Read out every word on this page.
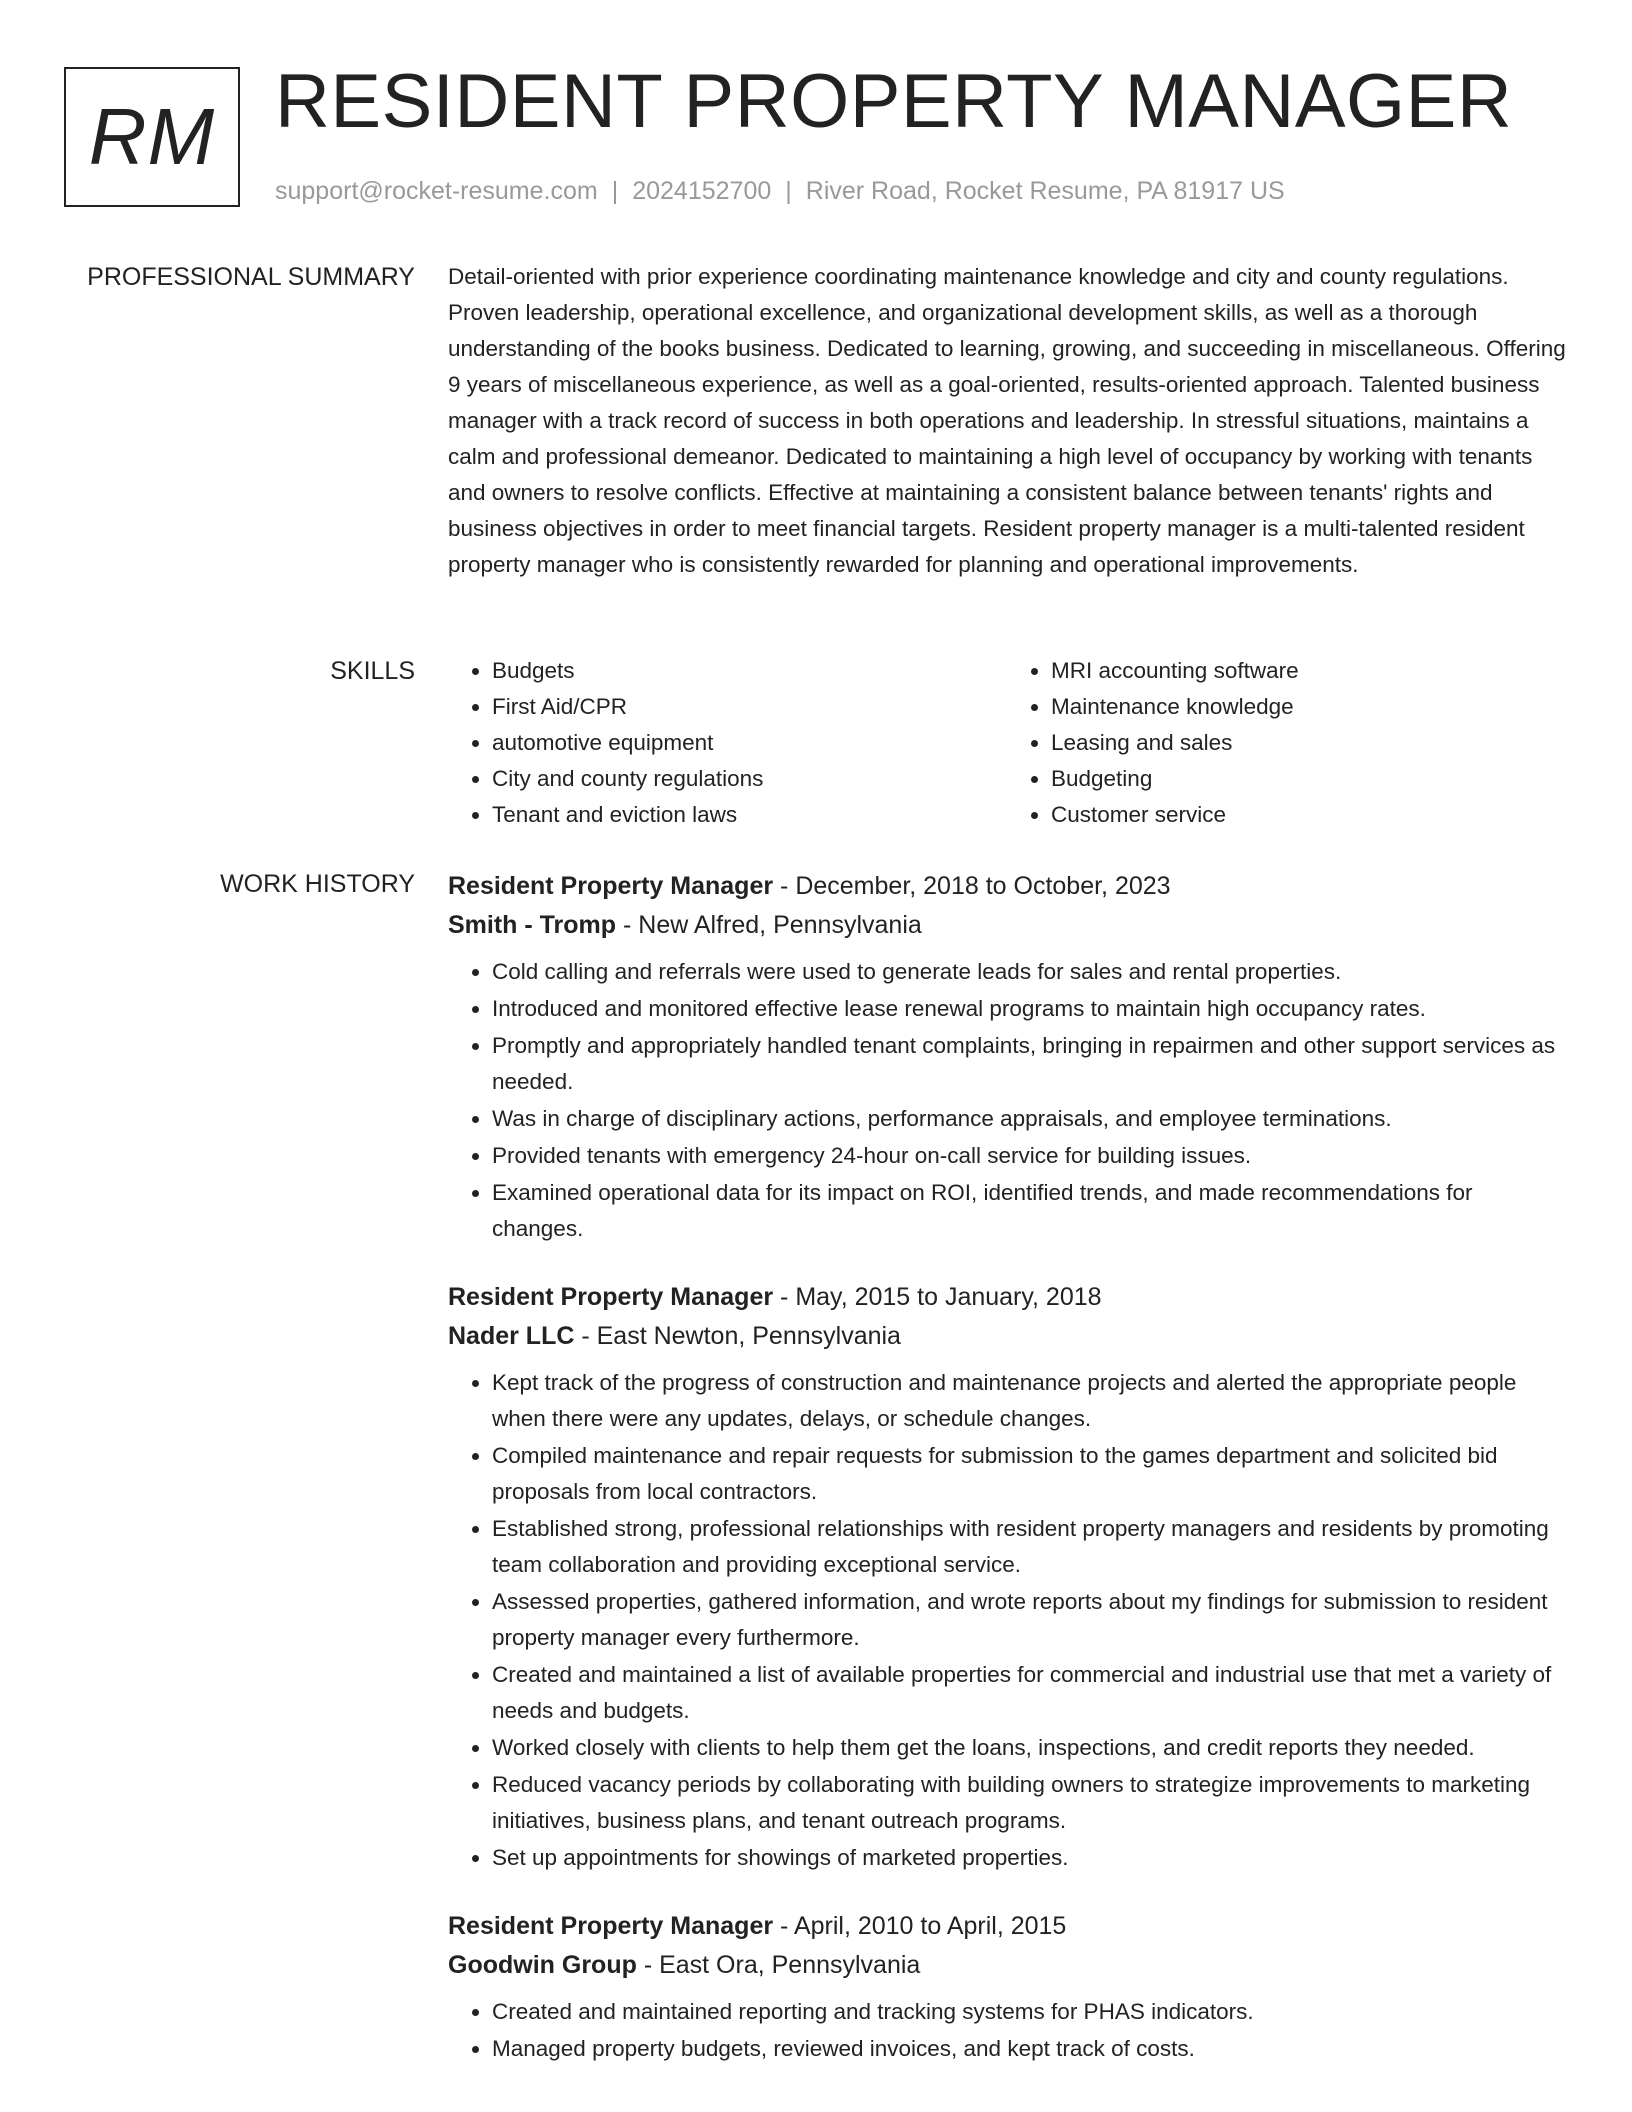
RM RESIDENT PROPERTY MANAGER
support@rocket-resume.com | 2024152700 | River Road, Rocket Resume, PA 81917 US
PROFESSIONAL SUMMARY Detail-oriented with prior experience coordinating maintenance knowledge and city and county regulations. Proven leadership, operational excellence, and organizational development skills, as well as a thorough understanding of the books business. Dedicated to learning, growing, and succeeding in miscellaneous. Offering 9 years of miscellaneous experience, as well as a goal-oriented, results-oriented approach. Talented business manager with a track record of success in both operations and leadership. In stressful situations, maintains a calm and professional demeanor. Dedicated to maintaining a high level of occupancy by working with tenants and owners to resolve conflicts. Effective at maintaining a consistent balance between tenants' rights and business objectives in order to meet financial targets. Resident property manager is a multi-talented resident property manager who is consistently rewarded for planning and operational improvements.
SKILLS
•	Budgets
• First Aid/CPR
• automotive equipment
• City and county regulations
• Tenant and eviction laws
• MRI accounting software
• Maintenance knowledge
• Leasing and sales
• Budgeting
• Customer service
WORK HISTORY Resident Property Manager - December, 2018 to October, 2023
Smith - Tromp - New Alfred, Pennsylvania
• Cold calling and referrals were used to generate leads for sales and rental properties.
• Introduced and monitored effective lease renewal programs to maintain high occupancy rates.
• Promptly and appropriately handled tenant complaints, bringing in repairmen and other support services as needed.
• Was in charge of disciplinary actions, performance appraisals, and employee terminations.
• Provided tenants with emergency 24-hour on-call service for building issues.
• Examined operational data for its impact on ROI, identified trends, and made recommendations for changes.
Resident Property Manager - May, 2015 to January, 2018
Nader LLC - East Newton, Pennsylvania
• Kept track of the progress of construction and maintenance projects and alerted the appropriate people when there were any updates, delays, or schedule changes.
• Compiled maintenance and repair requests for submission to the games department and solicited bid proposals from local contractors.
• Established strong, professional relationships with resident property managers and residents by promoting team collaboration and providing exceptional service.
• Assessed properties, gathered information, and wrote reports about my findings for submission to resident property manager every furthermore.
• Created and maintained a list of available properties for commercial and industrial use that met a variety of needs and budgets.
• Worked closely with clients to help them get the loans, inspections, and credit reports they needed.
• Reduced vacancy periods by collaborating with building owners to strategize improvements to marketing initiatives, business plans, and tenant outreach programs.
• Set up appointments for showings of marketed properties.
Resident Property Manager - April, 2010 to April, 2015
Goodwin Group - East Ora, Pennsylvania
• Created and maintained reporting and tracking systems for PHAS indicators.
• Managed property budgets, reviewed invoices, and kept track of costs.
